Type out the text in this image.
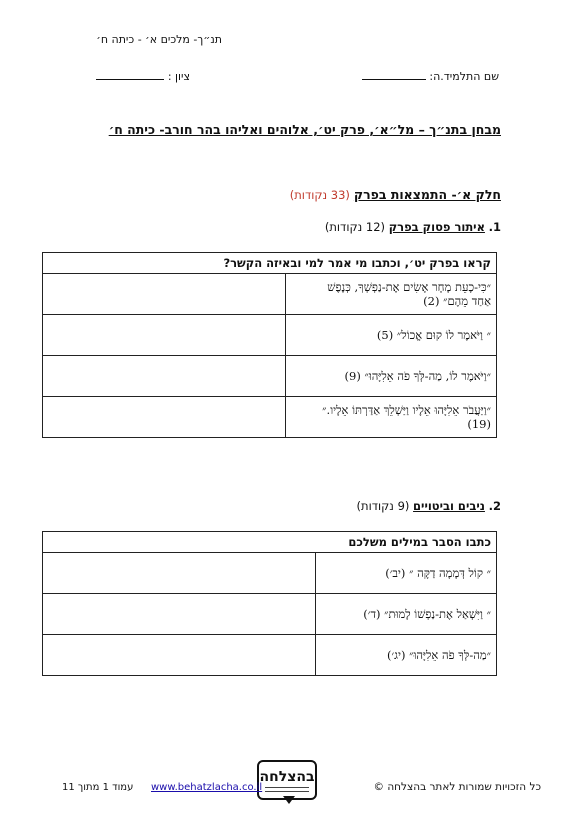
תנ״ך- מלכים א׳ - כיתה ח׳
שם התלמיד.ה:
ציון :
מבחן בתנ״ך – מל״א׳, פרק יט׳, אלוהים ואליהו בהר חורב- כיתה ח׳
חלק א׳- התמצאות בפרק (33 נקודות)
1. איתור פסוק בפרק (12 נקודות)
קראו בפרק יט׳, וכתבו מי אמר למי ובאיזה הקשר?	

״כִּי-כָעֵת מָחָר אָשִׂים אֶת-נַפְשְׁךָ, כְּנֶפֶשׁ
אַחַד מֵהֶם״ (2)	

״ וַיֹּאמֶר לוֹ קוּם אֱכוֹל״ (5)	

״וַיֹּאמֶר לוֹ, מַה-לְּךָ פֹה אֵלִיָּהוּ״ (9)	

״וַיַּעֲבֹר אֵלִיָּהוּ אֵלָיו וַיַּשְׁלֵךְ אַדַּרְתּוֹ אֵלָיו.״
(19)	

2. ניבים וביטויים (9 נקודות)
כתבו הסבר במילים משלכם	
״ קוֹל דְּמָמָה דַקָּה ״ (יב׳)	
״ וַיִּשְׁאַל אֶת-נַפְשׁוֹ לָמוּת״ (ד׳)	
״מַה-לְּךָ פֹה אֵלִיָּהוּ״ (יג׳)	
כל הזכויות שמורות לאתר בהצלחה ©
בהצלחה
www.behatzlacha.co.il
עמוד 1 מתוך 11
